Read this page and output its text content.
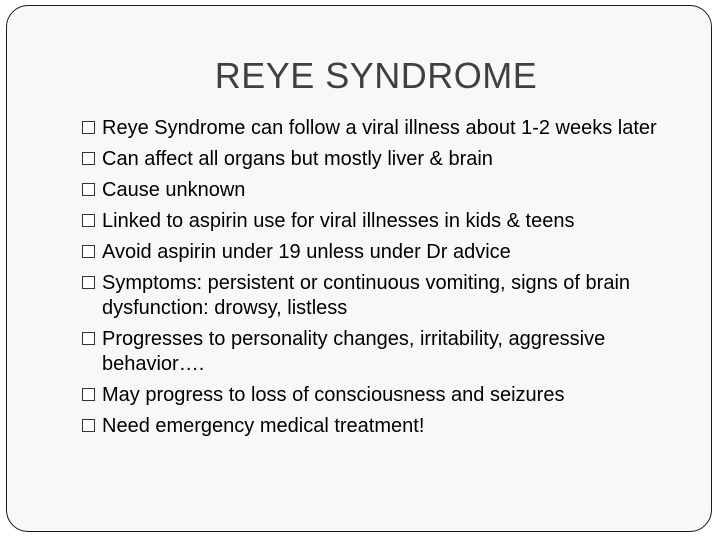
REYE SYNDROME
Reye Syndrome can follow a viral illness about 1-2 weeks later
Can affect all organs but mostly liver & brain
Cause unknown
Linked to aspirin use for viral illnesses in kids & teens
Avoid aspirin under 19 unless under Dr advice
Symptoms: persistent or continuous vomiting, signs of brain dysfunction: drowsy, listless
Progresses to personality changes, irritability, aggressive behavior….
May progress to loss of consciousness and seizures
Need emergency medical treatment!
